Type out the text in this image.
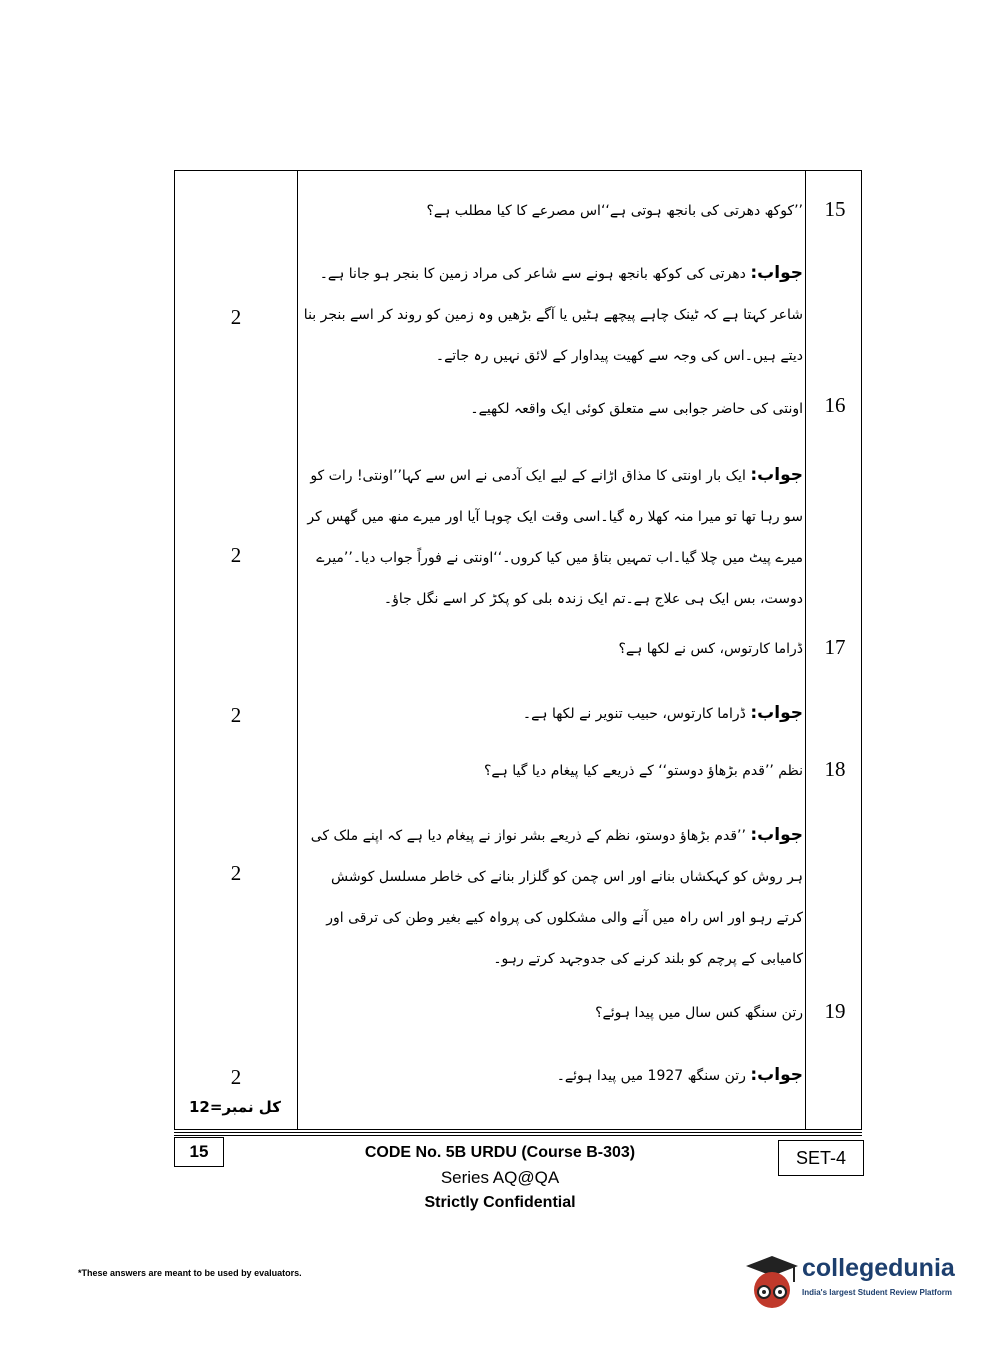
15
’’کوکھ دھرتی کی بانجھ ہوتی ہے‘‘اس مصرعے کا کیا مطلب ہے؟
جواب: دھرتی کی کوکھ بانجھ ہونے سے شاعر کی مراد زمین کا بنجر ہو جانا ہے۔ شاعر کہتا ہے کہ ٹینک چاہے پیچھے ہٹیں یا آگے بڑھیں وہ زمین کو روند کر اسے بنجر بنا دیتے ہیں۔اس کی وجہ سے کھیت پیداوار کے لائق نہیں رہ جاتے۔
2
16
اونتی کی حاضر جوابی سے متعلق کوئی ایک واقعہ لکھیے۔
جواب: ایک بار اونتی کا مذاق اڑانے کے لیے ایک آدمی نے اس سے کہا’’اونتی! رات کو سو رہا تھا تو میرا منہ کھلا رہ گیا۔اسی وقت ایک چوہا آیا اور میرے منھ میں گھس کر میرے پیٹ میں چلا گیا۔اب تمہیں بتاؤ میں کیا کروں۔‘‘اونتی نے فوراً جواب دیا۔’’میرے دوست، بس ایک ہی علاج ہے۔تم ایک زندہ بلی کو پکڑ کر اسے نگل جاؤ۔
2
17
ڈراما کارتوس، کس نے لکھا ہے؟
جواب: ڈراما کارتوس، حبیب تنویر نے لکھا ہے۔
2
18
نظم ’’قدم بڑھاؤ دوستو‘‘ کے ذریعے کیا پیغام دیا گیا ہے؟
جواب: ’’قدم بڑھاؤ دوستو، نظم کے ذریعے بشر نواز نے پیغام دیا ہے کہ اپنے ملک کی ہر روش کو کہکشاں بنانے اور اس چمن کو گلزار بنانے کی خاطر مسلسل کوشش کرتے رہو اور اس راہ میں آنے والی مشکلوں کی پرواہ کیے بغیر وطن کی ترقی اور کامیابی کے پرچم کو بلند کرنے کی جدوجہد کرتے رہو۔
2
19
رتن سنگھ کس سال میں پیدا ہوئے؟
جواب: رتن سنگھ 1927 میں پیدا ہوئے۔
2
کل نمبر=12
15	CODE No. 5B URDU (Course B-303)
Series AQ@QA
Strictly Confidential
SET-4
*These answers are meant to be used by evaluators.	collegedunia
India's largest Student Review Platform
